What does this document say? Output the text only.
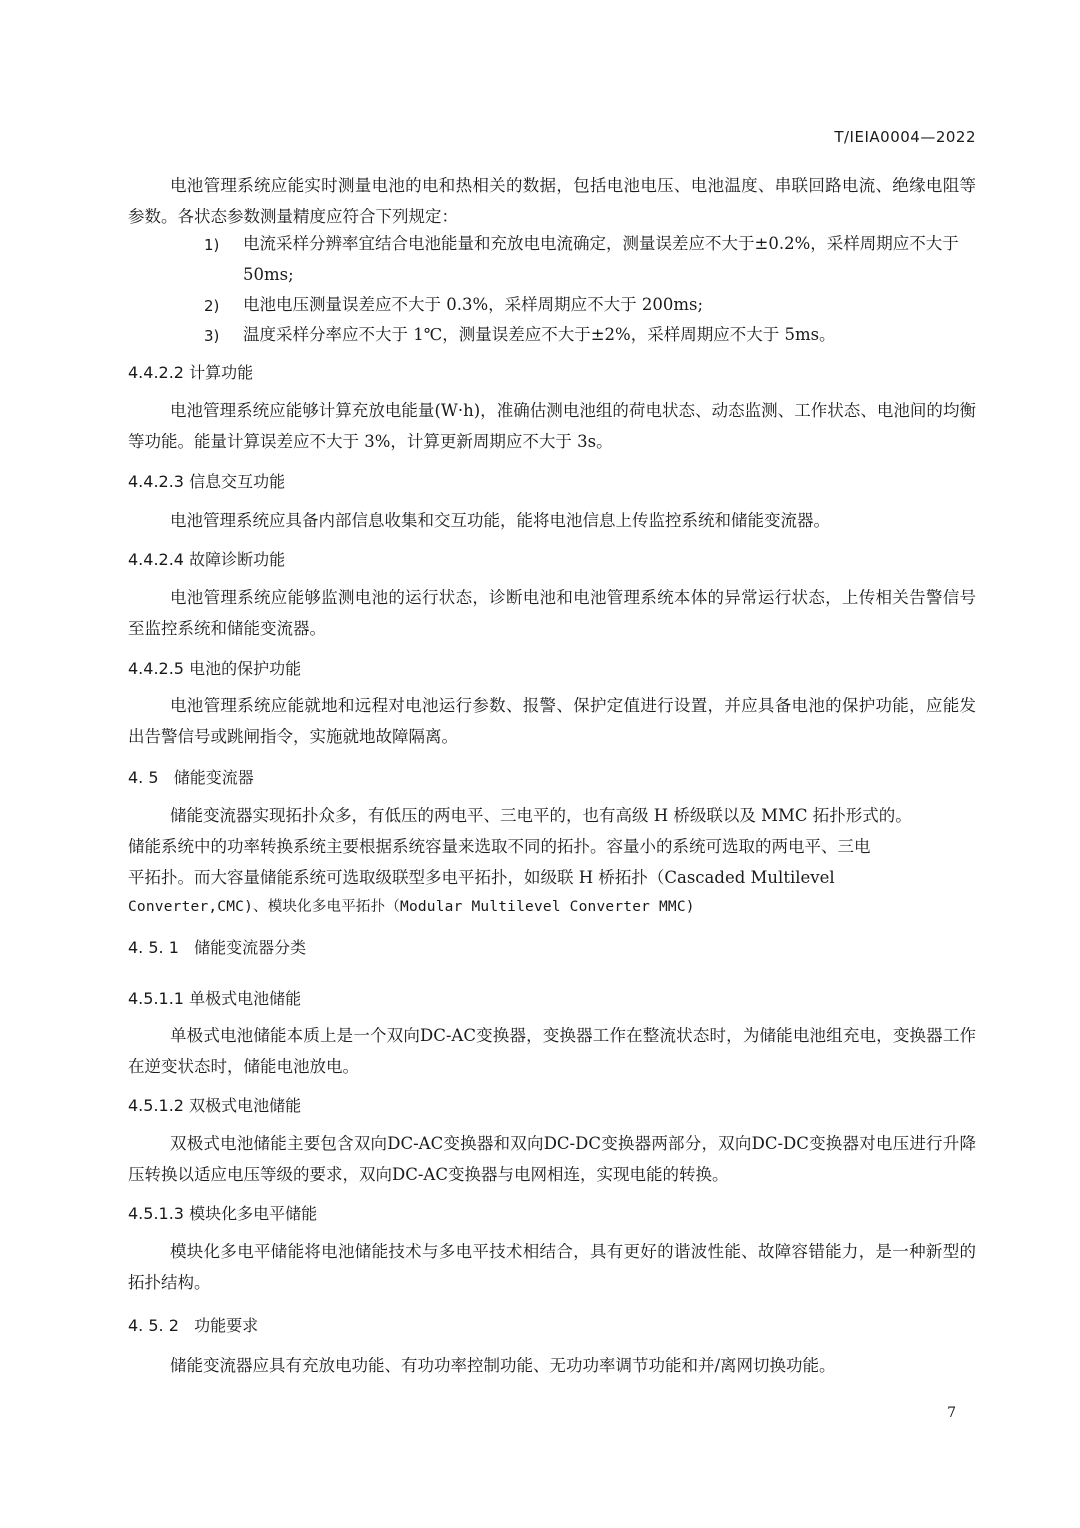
T/IEIA0004—2022

电池管理系统应能实时测量电池的电和热相关的数据，包括电池电压、电池温度、串联回路电流、绝缘电阻等参数。各状态参数测量精度应符合下列规定：

1) 电流采样分辨率宜结合电池能量和充放电电流确定，测量误差应不大于±0.2%，采样周期应不大于 50ms;

2) 电池电压测量误差应不大于 0.3%，采样周期应不大于 200ms;

3) 温度采样分率应不大于 1℃，测量误差应不大于±2%，采样周期应不大于 5ms。

4.4.2.2 计算功能

电池管理系统应能够计算充放电能量(W·h)，准确估测电池组的荷电状态、动态监测、工作状态、电池间的均衡等功能。能量计算误差应不大于 3%，计算更新周期应不大于 3s。

4.4.2.3 信息交互功能

电池管理系统应具备内部信息收集和交互功能，能将电池信息上传监控系统和储能变流器。

4.4.2.4 故障诊断功能

电池管理系统应能够监测电池的运行状态，诊断电池和电池管理系统本体的异常运行状态，上传相关告警信号至监控系统和储能变流器。

4.4.2.5 电池的保护功能

电池管理系统应能就地和远程对电池运行参数、报警、保护定值进行设置，并应具备电池的保护功能，应能发出告警信号或跳闸指令，实施就地故障隔离。

4. 5   储能变流器

储能变流器实现拓扑众多，有低压的两电平、三电平的，也有高级 H 桥级联以及 MMC 拓扑形式的。

储能系统中的功率转换系统主要根据系统容量来选取不同的拓扑。容量小的系统可选取的两电平、三电

平拓扑。而大容量储能系统可选取级联型多电平拓扑，如级联 H 桥拓扑（Cascaded Multilevel

Converter,CMC)、模块化多电平拓扑（Modular Multilevel Converter MMC)

4. 5. 1   储能变流器分类

4.5.1.1 单极式电池储能

单极式电池储能本质上是一个双向DC-AC变换器，变换器工作在整流状态时，为储能电池组充电，变换器工作在逆变状态时，储能电池放电。

4.5.1.2 双极式电池储能

双极式电池储能主要包含双向DC-AC变换器和双向DC-DC变换器两部分，双向DC-DC变换器对电压进行升降压转换以适应电压等级的要求，双向DC-AC变换器与电网相连，实现电能的转换。

4.5.1.3 模块化多电平储能

模块化多电平储能将电池储能技术与多电平技术相结合，具有更好的谐波性能、故障容错能力，是一种新型的拓扑结构。

4. 5. 2   功能要求

储能变流器应具有充放电功能、有功功率控制功能、无功功率调节功能和并/离网切换功能。

7
